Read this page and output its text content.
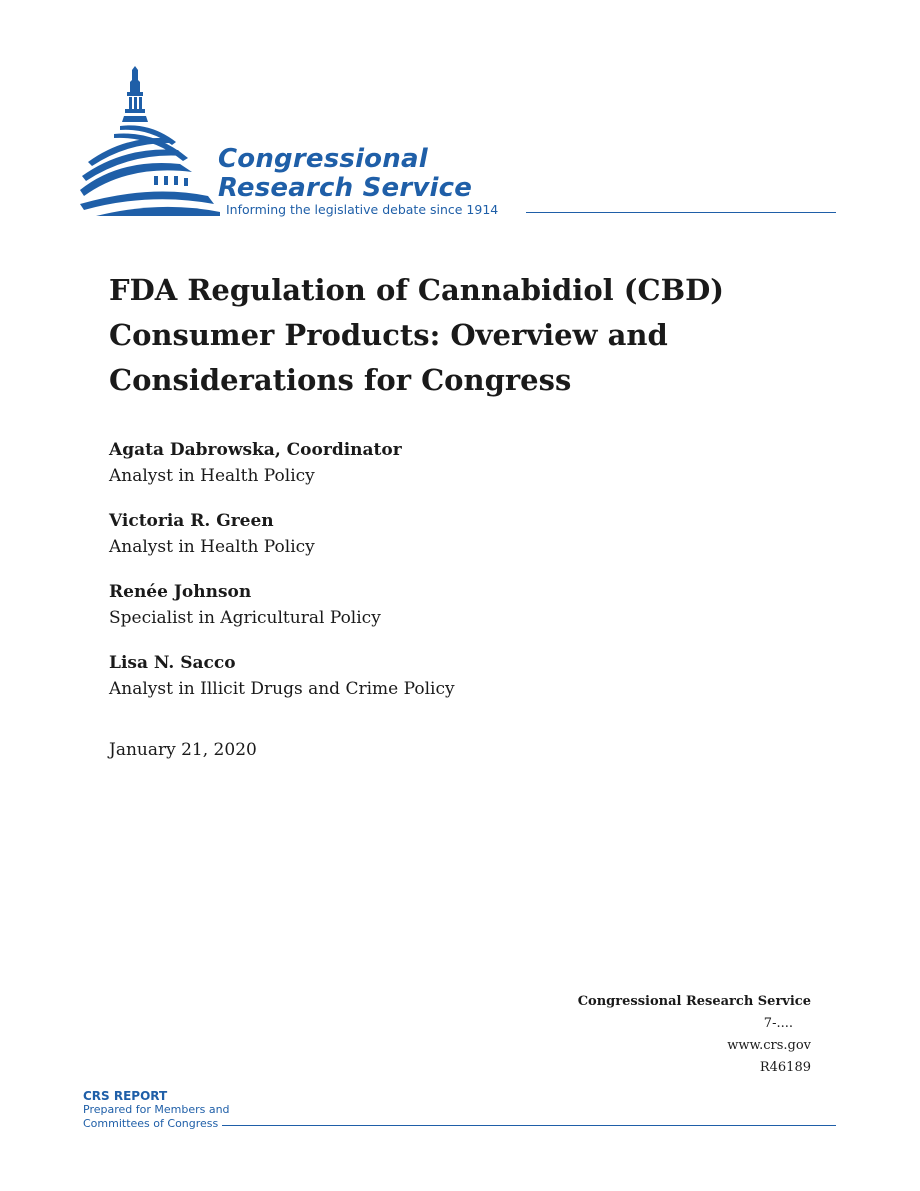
Congressional
Research Service
Informing the legislative debate since 1914
FDA Regulation of Cannabidiol (CBD)
Consumer Products: Overview and
Considerations for Congress
Agata Dabrowska, Coordinator
Analyst in Health Policy
Victoria R. Green
Analyst in Health Policy
Renée Johnson
Specialist in Agricultural Policy
Lisa N. Sacco
Analyst in Illicit Drugs and Crime Policy
January 21, 2020
Congressional Research Service
7-....
www.crs.gov
R46189
CRS REPORT
Prepared for Members and
Committees of Congress
